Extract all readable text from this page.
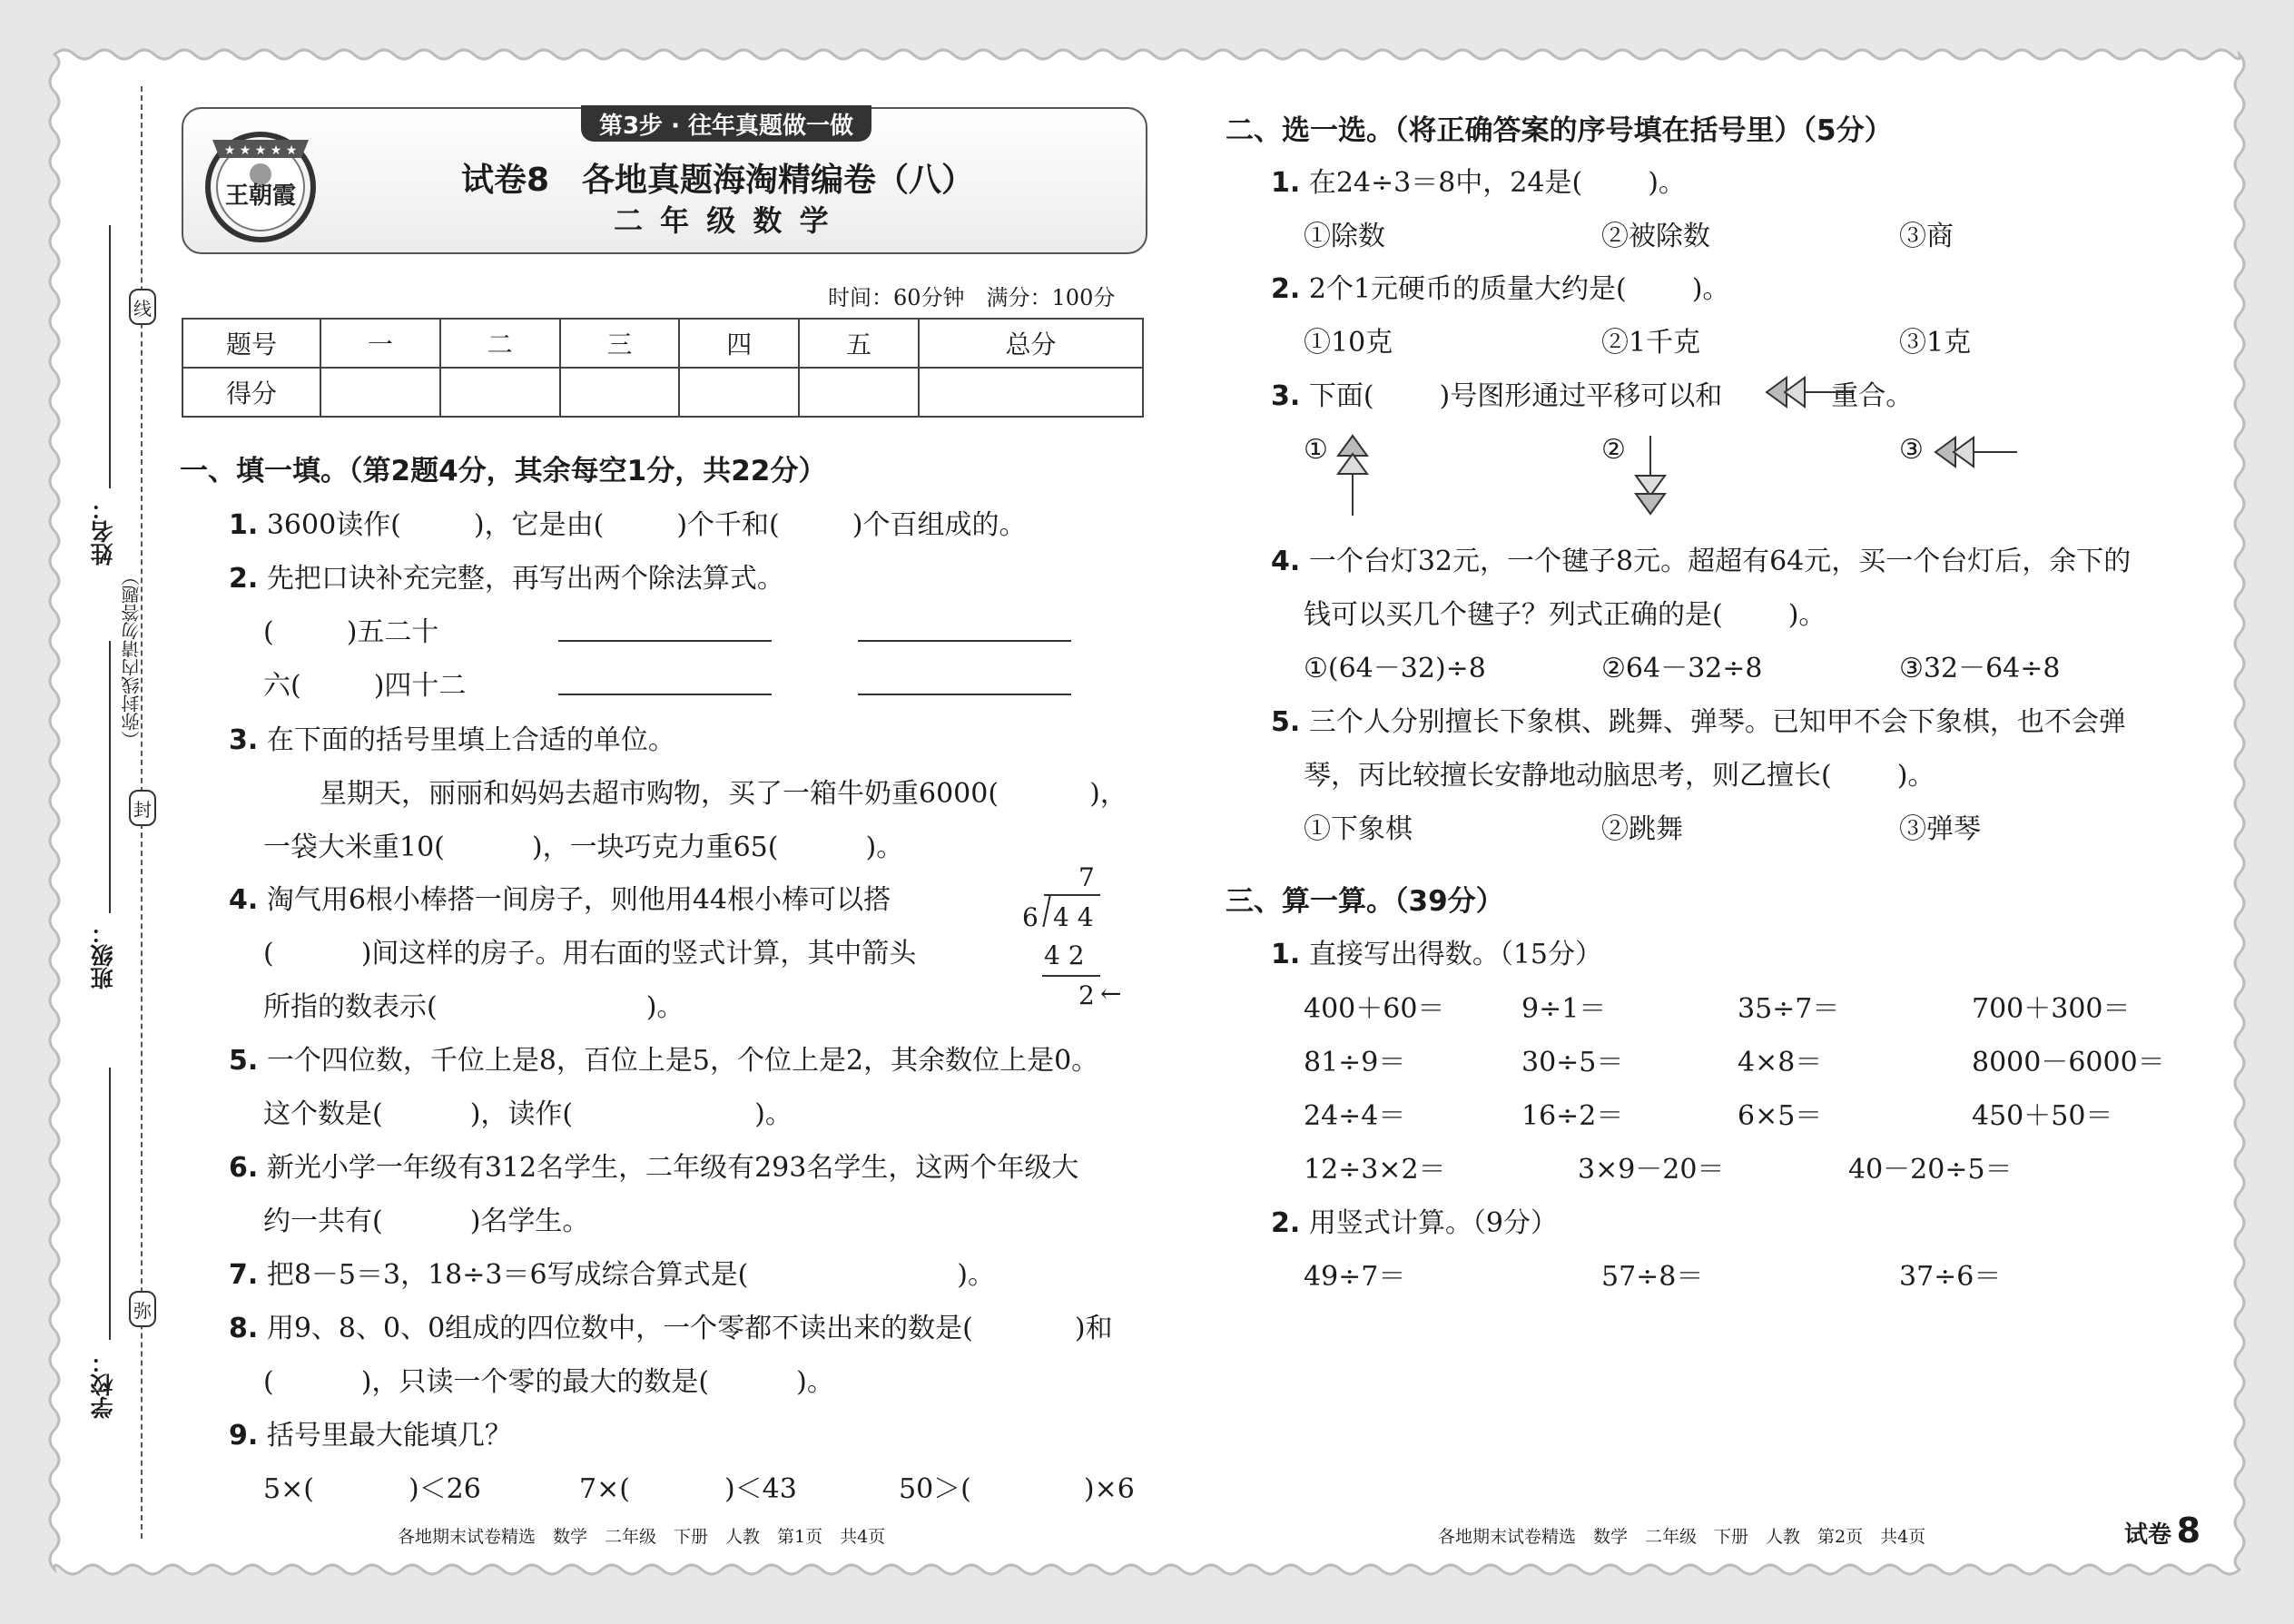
线
封
弥
姓名：
（弥封线内请勿答题）
班级：
学校：
★ ★ ★ ★ ★
王朝霞
第3步 · 往年真题做一做
试卷8　各地真题海淘精编卷（八）
二 年 级 数 学
时间：60分钟　满分：100分
题号	一	二	三	四	五	总分
得分						
一、填一填。（第2题4分，其余每空1分，共22分）
1. 3600读作(	)，它是由(	)个千和(	)个百组成的。
2. 先把口诀补充完整，再写出两个除法算式。
(	)五二十
六(	)四十二
3. 在下面的括号里填上合适的单位。
星期天，丽丽和妈妈去超市购物，买了一箱牛奶重6000(	)，
一袋大米重10(	)，一块巧克力重65(	)。
4. 淘气用6根小棒搭一间房子，则他用44根小棒可以搭
(	)间这样的房子。用右面的竖式计算，其中箭头
所指的数表示(	)。
7
6 4 4
4 2
2 ←
5. 一个四位数，千位上是8，百位上是5，个位上是2，其余数位上是0。
这个数是(	)，读作(	)。
6. 新光小学一年级有312名学生，二年级有293名学生，这两个年级大
约一共有(	)名学生。
7. 把8－5＝3，18÷3＝6写成综合算式是(	)。
8. 用9、8、0、0组成的四位数中，一个零都不读出来的数是(	)和
(	)，只读一个零的最大的数是(	)。
9. 括号里最大能填几？
5×(	)＜26	7×(	)＜43	50＞(	)×6
各地期末试卷精选　数学　二年级　下册　人教　第1页　共4页
二、选一选。（将正确答案的序号填在括号里）（5分）
1. 在24÷3＝8中，24是( )。
①除数	②被除数	③商
2. 2个1元硬币的质量大约是( )。
①10克	②1千克	③1克
3. 下面( )号图形通过平移可以和	重合。
①	②	③
4. 一个台灯32元，一个毽子8元。超超有64元，买一个台灯后，余下的
钱可以买几个毽子？列式正确的是( )。
①(64－32)÷8	②64－32÷8	③32－64÷8
5. 三个人分别擅长下象棋、跳舞、弹琴。已知甲不会下象棋，也不会弹
琴，丙比较擅长安静地动脑思考，则乙擅长( )。
①下象棋	②跳舞	③弹琴
三、算一算。（39分）
1. 直接写出得数。（15分）
400＋60＝	9÷1＝	35÷7＝	700＋300＝
81÷9＝	30÷5＝	4×8＝	8000－6000＝
24÷4＝	16÷2＝	6×5＝	450＋50＝
12÷3×2＝	3×9－20＝	40－20÷5＝
2. 用竖式计算。（9分）
49÷7＝	57÷8＝	37÷6＝
各地期末试卷精选　数学　二年级　下册　人教　第2页　共4页	试卷 8
